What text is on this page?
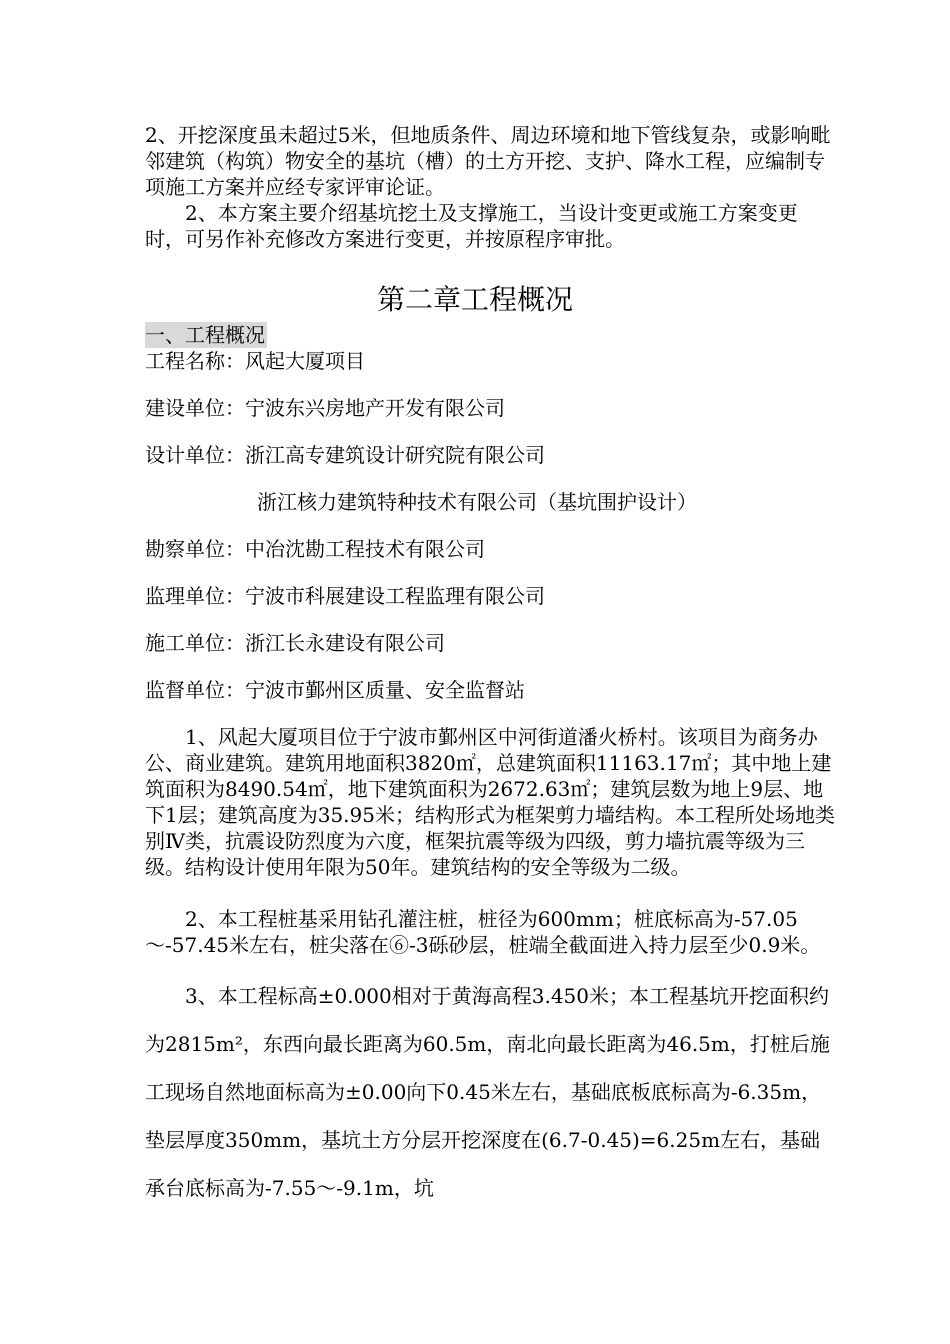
2、开挖深度虽未超过5米，但地质条件、周边环境和地下管线复杂，或影响毗邻建筑（构筑）物安全的基坑（槽）的土方开挖、支护、降水工程，应编制专项施工方案并应经专家评审论证。

2、本方案主要介绍基坑挖土及支撑施工，当设计变更或施工方案变更时，可另作补充修改方案进行变更，并按原程序审批。

第二章工程概况
一、工程概况
工程名称：风起大厦项目
建设单位：宁波东兴房地产开发有限公司
设计单位：浙江高专建筑设计研究院有限公司
浙江核力建筑特种技术有限公司（基坑围护设计）
勘察单位：中冶沈勘工程技术有限公司
监理单位：宁波市科展建设工程监理有限公司
施工单位：浙江长永建设有限公司
监督单位：宁波市鄞州区质量、安全监督站

1、风起大厦项目位于宁波市鄞州区中河街道潘火桥村。该项目为商务办公、商业建筑。建筑用地面积3820㎡，总建筑面积11163.17㎡；其中地上建筑面积为8490.54㎡，地下建筑面积为2672.63㎡；建筑层数为地上9层、地下1层；建筑高度为35.95米；结构形式为框架剪力墙结构。本工程所处场地类别Ⅳ类，抗震设防烈度为六度，框架抗震等级为四级，剪力墙抗震等级为三级。结构设计使用年限为50年。建筑结构的安全等级为二级。

2、本工程桩基采用钻孔灌注桩，桩径为600mm；桩底标高为-57.05～-57.45米左右，桩尖落在⑥-3砾砂层，桩端全截面进入持力层至少0.9米。

3、本工程标高±0.000相对于黄海高程3.450米；本工程基坑开挖面积约为2815m²，东西向最长距离为60.5m，南北向最长距离为46.5m，打桩后施工现场自然地面标高为±0.00向下0.45米左右，基础底板底标高为-6.35m，垫层厚度350mm，基坑土方分层开挖深度在(6.7-0.45)=6.25m左右，基础承台底标高为-7.55～-9.1m，坑
